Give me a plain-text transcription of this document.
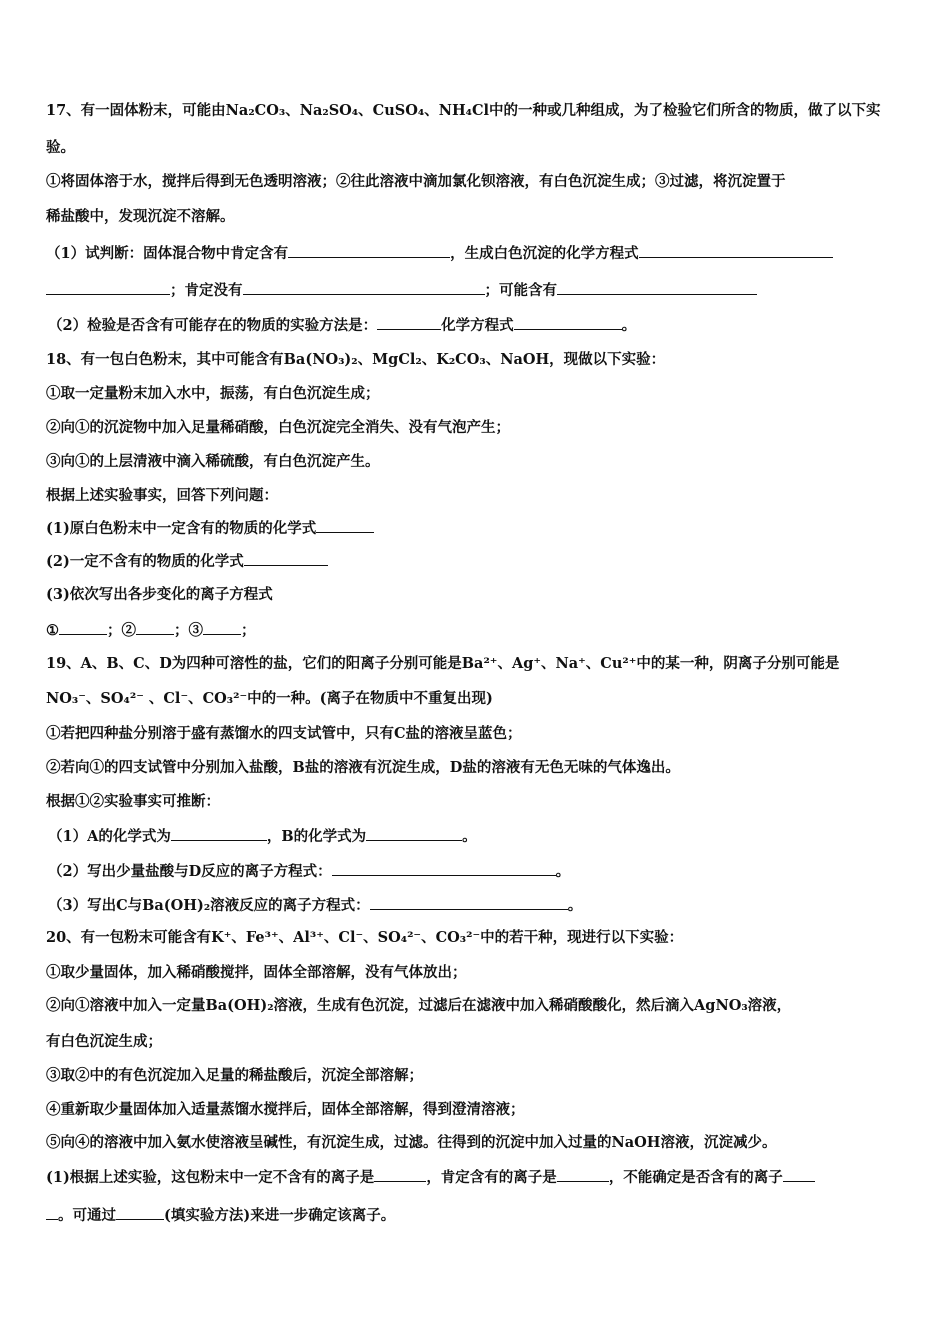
17、有一固体粉末，可能由Na₂CO₃、Na₂SO₄、CuSO₄、NH₄Cl中的一种或几种组成，为了检验它们所含的物质，做了以下实
验。
①将固体溶于水，搅拌后得到无色透明溶液；②往此溶液中滴加氯化钡溶液，有白色沉淀生成；③过滤，将沉淀置于
稀盐酸中，发现沉淀不溶解。
（1）试判断：固体混合物中肯定含有	，生成白色沉淀的化学方程式
；肯定没有	；可能含有
（2）检验是否含有可能存在的物质的实验方法是：	化学方程式	。
18、有一包白色粉末，其中可能含有Ba(NO₃)₂、MgCl₂、K₂CO₃、NaOH，现做以下实验：
①取一定量粉末加入水中，振荡，有白色沉淀生成；
②向①的沉淀物中加入足量稀硝酸，白色沉淀完全消失、没有气泡产生；
③向①的上层清液中滴入稀硫酸，有白色沉淀产生。
根据上述实验事实，回答下列问题：
(1)原白色粉末中一定含有的物质的化学式
(2)一定不含有的物质的化学式
(3)依次写出各步变化的离子方程式
①	；②	；③	；
19、A、B、C、D为四种可溶性的盐，它们的阳离子分别可能是Ba²⁺、Ag⁺、Na⁺、Cu²⁺中的某一种，阴离子分别可能是
NO₃⁻、SO₄²⁻ 、Cl⁻、CO₃²⁻中的一种。(离子在物质中不重复出现)
①若把四种盐分别溶于盛有蒸馏水的四支试管中，只有C盐的溶液呈蓝色；
②若向①的四支试管中分别加入盐酸，B盐的溶液有沉淀生成，D盐的溶液有无色无味的气体逸出。
根据①②实验事实可推断：
（1）A的化学式为	，B的化学式为	。
（2）写出少量盐酸与D反应的离子方程式：	。
（3）写出C与Ba(OH)₂溶液反应的离子方程式：	。
20、有一包粉末可能含有K⁺、Fe³⁺、Al³⁺、Cl⁻、SO₄²⁻、CO₃²⁻中的若干种，现进行以下实验：
①取少量固体，加入稀硝酸搅拌，固体全部溶解，没有气体放出；
②向①溶液中加入一定量Ba(OH)₂溶液，生成有色沉淀，过滤后在滤液中加入稀硝酸酸化，然后滴入AgNO₃溶液，
有白色沉淀生成；
③取②中的有色沉淀加入足量的稀盐酸后，沉淀全部溶解；
④重新取少量固体加入适量蒸馏水搅拌后，固体全部溶解，得到澄清溶液；
⑤向④的溶液中加入氨水使溶液呈碱性，有沉淀生成，过滤。往得到的沉淀中加入过量的NaOH溶液，沉淀减少。
(1)根据上述实验，这包粉末中一定不含有的离子是	，肯定含有的离子是	，不能确定是否含有的离子
。可通过	(填实验方法)来进一步确定该离子。
